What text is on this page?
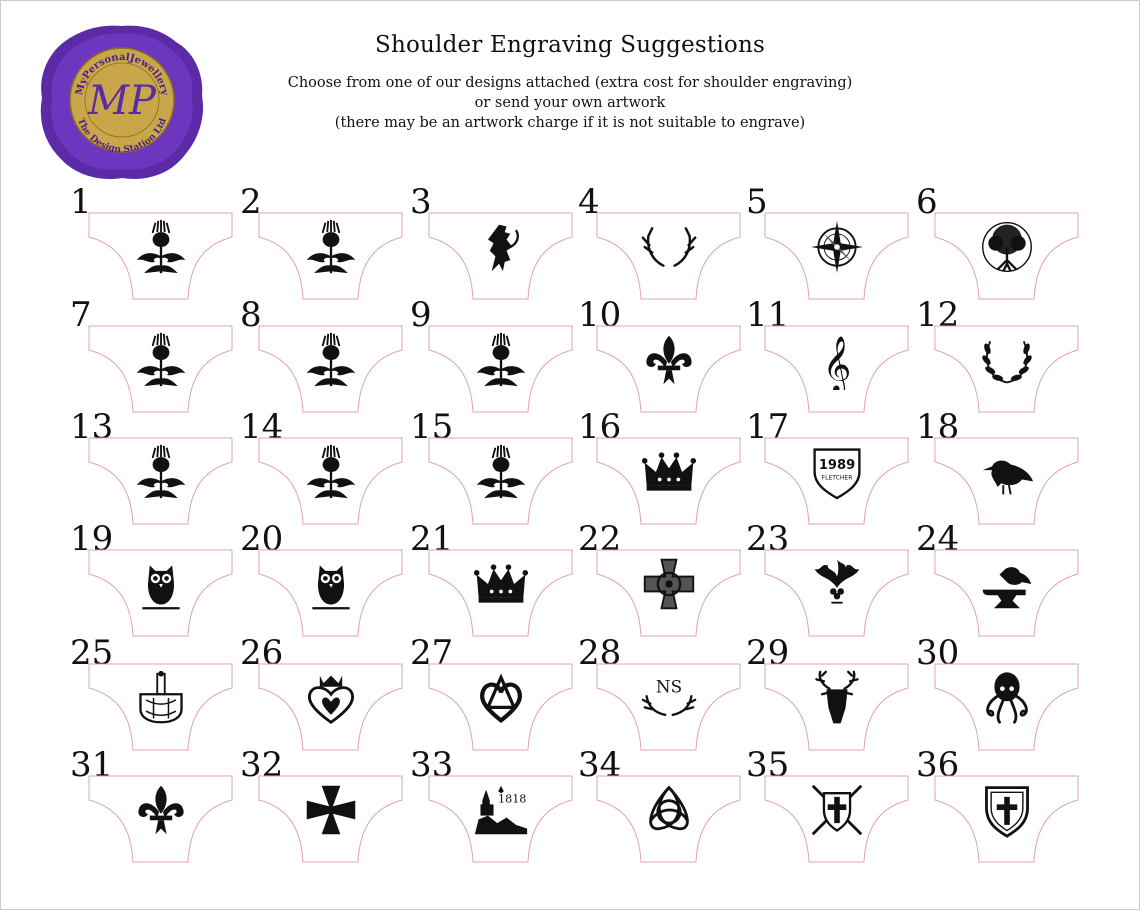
MyPersonalJewellery
The Design Station Ltd
MP
Shoulder Engraving Suggestions
Choose from one of our designs attached (extra cost for shoulder engraving)
or send your own artwork
(there may be an artwork charge if it is not suitable to engrave)
1	2	3	4	5	6
7	8	9	10	11
𝄞
12
13	14	15	16	17
1989
FLETCHER
18
19	20	21	22	23	24
25	26	27	28
NS
29	30
31	32	33
1818
34	35	36
